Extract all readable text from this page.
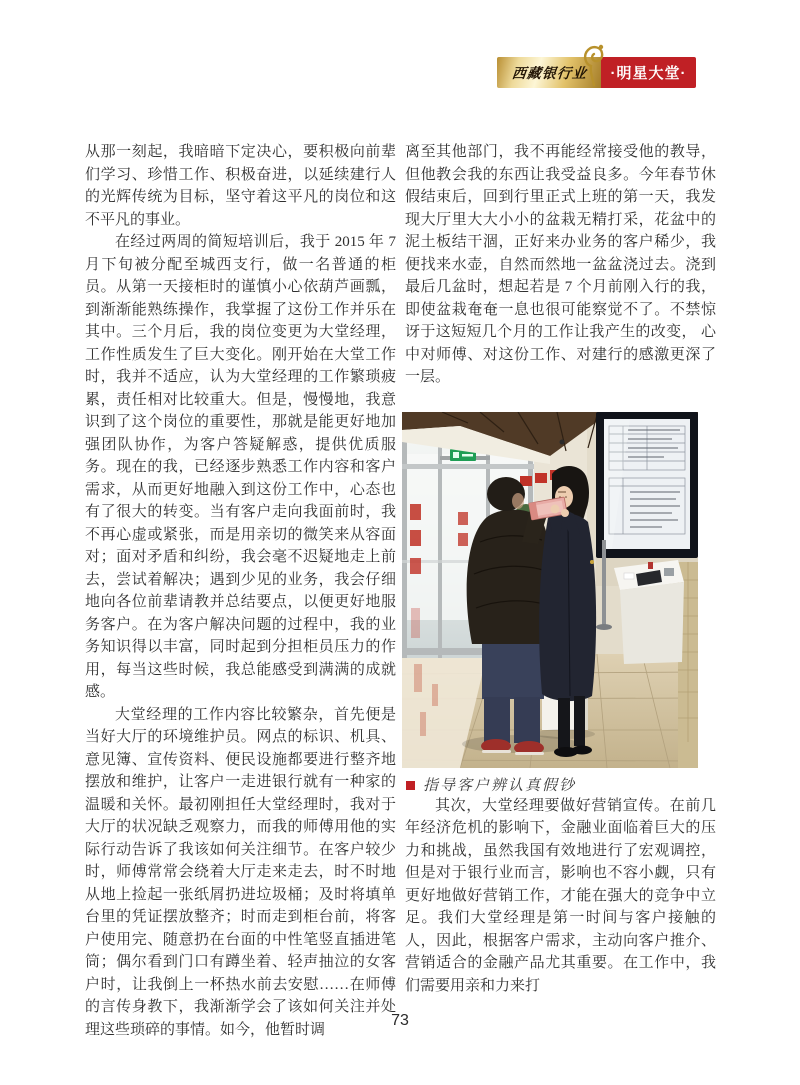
西藏银行业 ·明星大堂·

从那一刻起，我暗暗下定决心，要积极向前辈们学习、珍惜工作、积极奋进，以延续建行人的光辉传统为目标，坚守着这平凡的岗位和这不平凡的事业。

在经过两周的简短培训后，我于 2015 年 7 月下旬被分配至城西支行，做一名普通的柜员。从第一天接柜时的谨慎小心依葫芦画瓢，到渐渐能熟练操作，我掌握了这份工作并乐在其中。三个月后，我的岗位变更为大堂经理，工作性质发生了巨大变化。刚开始在大堂工作时，我并不适应，认为大堂经理的工作繁琐疲累，责任相对比较重大。但是，慢慢地，我意识到了这个岗位的重要性，那就是能更好地加强团队协作，为客户答疑解惑，提供优质服务。现在的我，已经逐步熟悉工作内容和客户需求，从而更好地融入到这份工作中，心态也有了很大的转变。当有客户走向我面前时，我不再心虚或紧张，而是用亲切的微笑来从容面对；面对矛盾和纠纷，我会毫不迟疑地走上前去，尝试着解决；遇到少见的业务，我会仔细地向各位前辈请教并总结要点，以便更好地服务客户。在为客户解决问题的过程中，我的业务知识得以丰富，同时起到分担柜员压力的作用，每当这些时候，我总能感受到满满的成就感。

大堂经理的工作内容比较繁杂，首先便是当好大厅的环境维护员。网点的标识、机具、意见簿、宣传资料、便民设施都要进行整齐地摆放和维护，让客户一走进银行就有一种家的温暖和关怀。最初刚担任大堂经理时，我对于大厅的状况缺乏观察力，而我的师傅用他的实际行动告诉了我该如何关注细节。在客户较少时，师傅常常会绕着大厅走来走去，时不时地从地上捡起一张纸屑扔进垃圾桶；及时将填单台里的凭证摆放整齐；时而走到柜台前，将客户使用完、随意扔在台面的中性笔竖直插进笔筒；偶尔看到门口有蹲坐着、轻声抽泣的女客户时，让我倒上一杯热水前去安慰……在师傅的言传身教下，我渐渐学会了该如何关注并处理这些琐碎的事情。如今，他暂时调

离至其他部门，我不再能经常接受他的教导，但他教会我的东西让我受益良多。今年春节休假结束后，回到行里正式上班的第一天，我发现大厅里大大小小的盆栽无精打采，花盆中的泥土板结干涸，正好来办业务的客户稀少，我便找来水壶，自然而然地一盆盆浇过去。浇到最后几盆时，想起若是 7 个月前刚入行的我，即使盆栽奄奄一息也很可能察觉不了。不禁惊讶于这短短几个月的工作让我产生的改变， 心中对师傅、对这份工作、对建行的感激更深了一层。

指导客户辨认真假钞

其次，大堂经理要做好营销宣传。在前几年经济危机的影响下，金融业面临着巨大的压力和挑战，虽然我国有效地进行了宏观调控，但是对于银行业而言，影响也不容小觑，只有更好地做好营销工作，才能在强大的竞争中立足。我们大堂经理是第一时间与客户接触的人，因此，根据客户需求，主动向客户推介、营销适合的金融产品尤其重要。在工作中，我们需要用亲和力来打

73
